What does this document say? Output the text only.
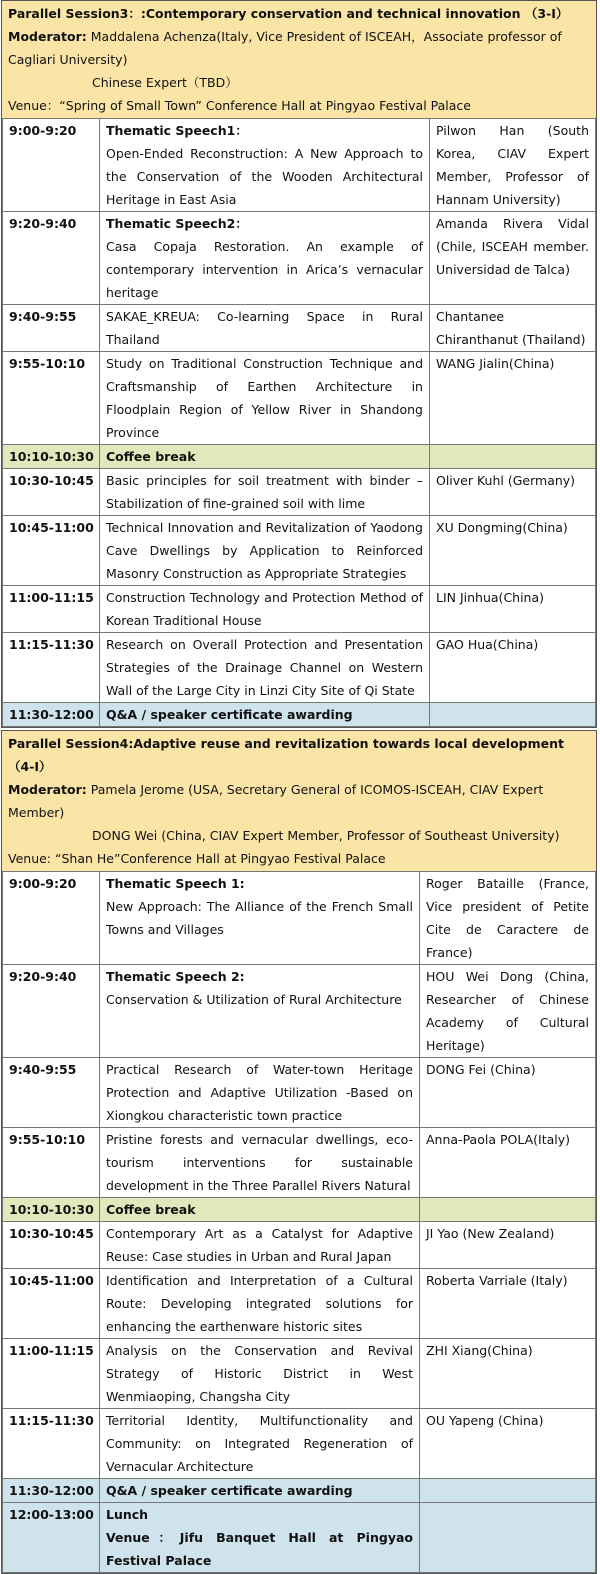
Parallel Session3：:Contemporary conservation and technical innovation （3-I）
Moderator: Maddalena Achenza(Italy, Vice President of ISCEAH，Associate professor of Cagliari University)
Chinese Expert（TBD）
Venue：“Spring of Small Town” Conference Hall at Pingyao Festival Palace
9:00-9:20	Thematic Speech1：
Open-Ended Reconstruction: A New Approach to the Conservation of the Wooden Architectural Heritage in East Asia	Pilwon Han (South Korea, CIAV Expert Member, Professor of Hannam University)
9:20-9:40	Thematic Speech2：
Casa Copaja Restoration. An example of contemporary intervention in Arica’s vernacular heritage	Amanda Rivera Vidal (Chile, ISCEAH member. Universidad de Talca)
9:40-9:55	SAKAE_KREUA: Co-learning Space in Rural Thailand	Chantanee Chiranthanut (Thailand)
9:55-10:10	Study on Traditional Construction Technique and Craftsmanship of Earthen Architecture in Floodplain Region of Yellow River in Shandong Province	WANG Jialin(China)
10:10-10:30	Coffee break	

10:30-10:45	Basic principles for soil treatment with binder – Stabilization of fine-grained soil with lime	Oliver Kuhl (Germany)
10:45-11:00	Technical Innovation and Revitalization of Yaodong Cave Dwellings by Application to Reinforced Masonry Construction as Appropriate Strategies	XU Dongming(China)
11:00-11:15	Construction Technology and Protection Method of Korean Traditional House	LIN Jinhua(China)
11:15-11:30	Research on Overall Protection and Presentation Strategies of the Drainage Channel on Western Wall of the Large City in Linzi City Site of Qi State	GAO Hua(China)
11:30-12:00	Q&A / speaker certificate awarding	

Parallel Session4:Adaptive reuse and revitalization towards local development（4-I）
Moderator: Pamela Jerome (USA, Secretary General of ICOMOS-ISCEAH, CIAV Expert Member)
DONG Wei (China, CIAV Expert Member, Professor of Southeast University)
Venue: “Shan He”Conference Hall at Pingyao Festival Palace
9:00-9:20	Thematic Speech 1:
New Approach: The Alliance of the French Small Towns and Villages	Roger Bataille (France, Vice president of Petite Cite de Caractere de France)
9:20-9:40	Thematic Speech 2:
Conservation & Utilization of Rural Architecture	HOU Wei Dong (China, Researcher of Chinese Academy of Cultural Heritage)
9:40-9:55	Practical Research of Water-town Heritage Protection and Adaptive Utilization -Based on Xiongkou characteristic town practice	DONG Fei (China)
9:55-10:10	Pristine forests and vernacular dwellings, eco-tourism interventions for sustainable development in the Three Parallel Rivers Natural	Anna-Paola POLA(Italy)
10:10-10:30	Coffee break	

10:30-10:45	Contemporary Art as a Catalyst for Adaptive Reuse: Case studies in Urban and Rural Japan	JI Yao (New Zealand)
10:45-11:00	Identification and Interpretation of a Cultural Route: Developing integrated solutions for enhancing the earthenware historic sites	Roberta Varriale (Italy)
11:00-11:15	Analysis on the Conservation and Revival Strategy of Historic District in West Wenmiaoping, Changsha City	ZHI Xiang(China)
11:15-11:30	Territorial Identity, Multifunctionality and Community: on Integrated Regeneration of Vernacular Architecture	OU Yapeng (China)
11:30-12:00	Q&A / speaker certificate awarding	

12:00-13:00	Lunch
Venue：Jifu Banquet Hall at Pingyao Festival Palace	
